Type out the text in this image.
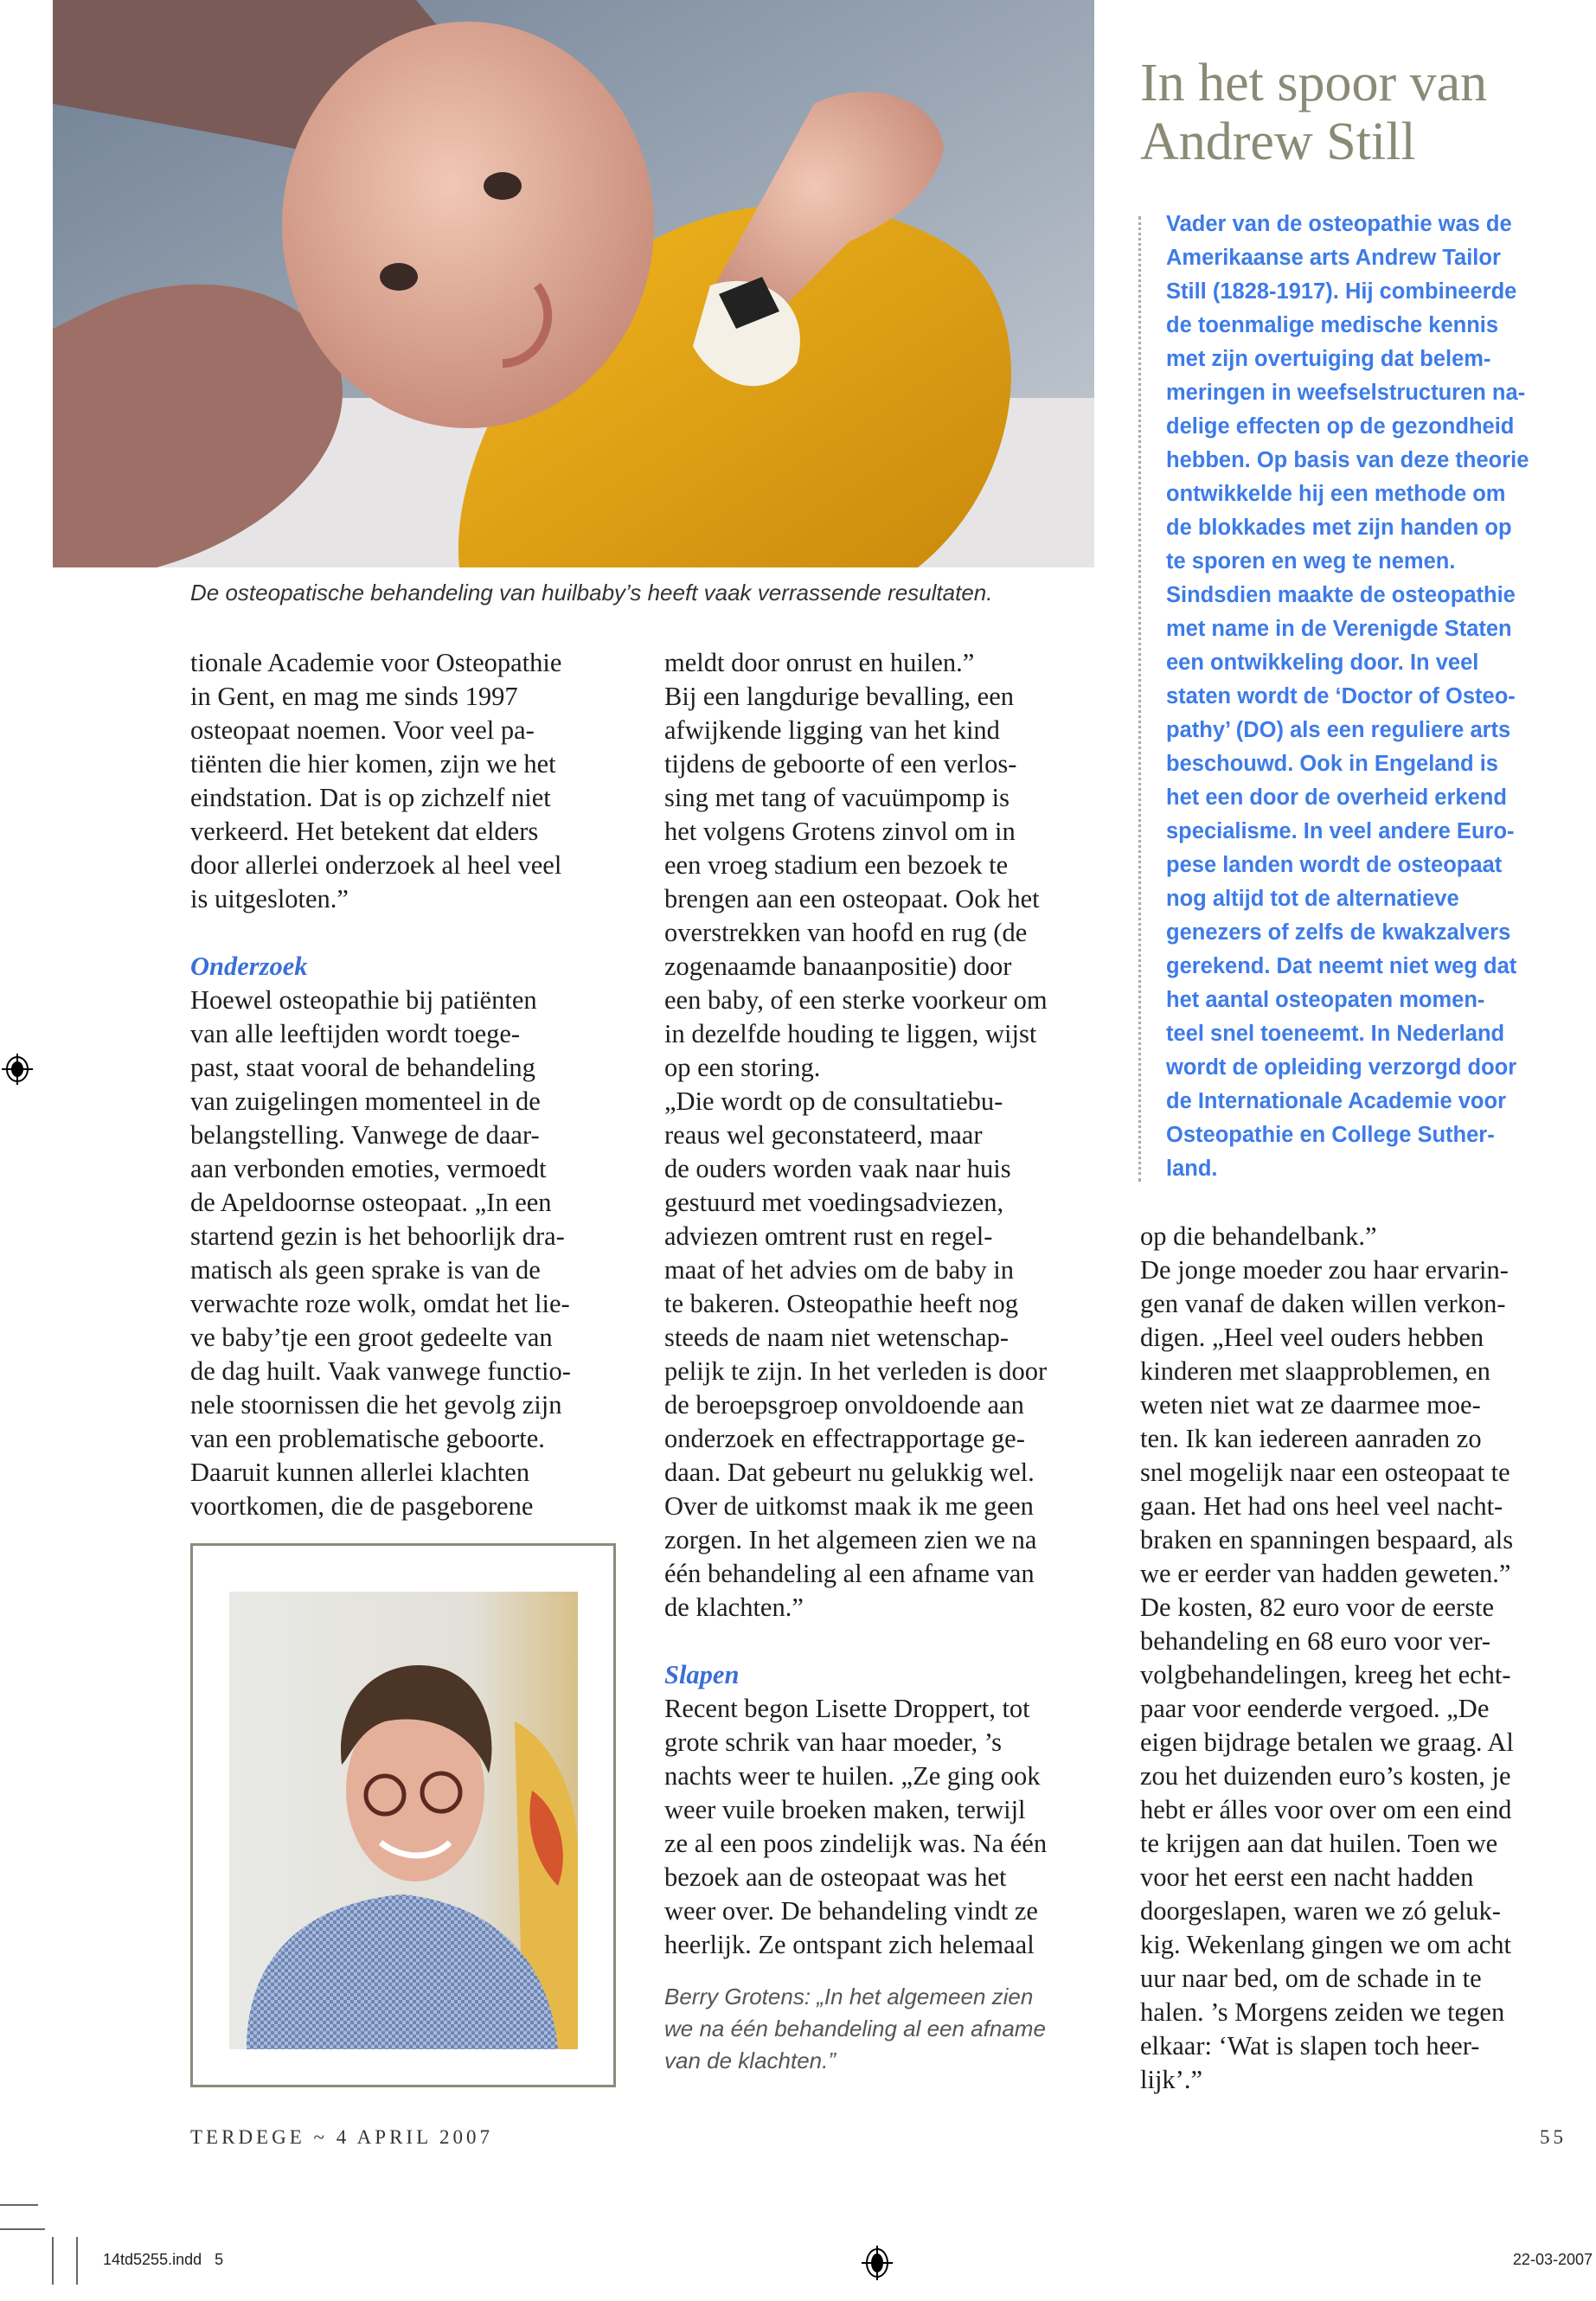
De osteopatische behandeling van huilbaby’s heeft vaak verrassende resultaten.
tionale Academie voor Osteopathie
in Gent, en mag me sinds 1997
osteopaat noemen. Voor veel pa-
tiënten die hier komen, zijn we het
eindstation. Dat is op zichzelf niet
verkeerd. Het betekent dat elders
door allerlei onderzoek al heel veel
is uitgesloten.”
Onderzoek
Hoewel osteopathie bij patiënten
van alle leeftijden wordt toege-
past, staat vooral de behandeling
van zuigelingen momenteel in de
belangstelling. Vanwege de daar-
aan verbonden emoties, vermoedt
de Apeldoornse osteopaat. „In een
startend gezin is het behoorlijk dra-
matisch als geen sprake is van de
verwachte roze wolk, omdat het lie-
ve baby’tje een groot gedeelte van
de dag huilt. Vaak vanwege functio-
nele stoornissen die het gevolg zijn
van een problematische geboorte.
Daaruit kunnen allerlei klachten
voortkomen, die de pasgeborene
meldt door onrust en huilen.”
Bij een langdurige bevalling, een
afwijkende ligging van het kind
tijdens de geboorte of een verlos-
sing met tang of vacuümpomp is
het volgens Grotens zinvol om in
een vroeg stadium een bezoek te
brengen aan een osteopaat. Ook het
overstrekken van hoofd en rug (de
zogenaamde banaanpositie) door
een baby, of een sterke voorkeur om
in dezelfde houding te liggen, wijst
op een storing.
„Die wordt op de consultatiebu-
reaus wel geconstateerd, maar
de ouders worden vaak naar huis
gestuurd met voedingsadviezen,
adviezen omtrent rust en regel-
maat of het advies om de baby in
te bakeren. Osteopathie heeft nog
steeds de naam niet wetenschap-
pelijk te zijn. In het verleden is door
de beroepsgroep onvoldoende aan
onderzoek en effectrapportage ge-
daan. Dat gebeurt nu gelukkig wel.
Over de uitkomst maak ik me geen
zorgen. In het algemeen zien we na
één behandeling al een afname van
de klachten.”
Slapen
Recent begon Lisette Droppert, tot
grote schrik van haar moeder, ’s
nachts weer te huilen. „Ze ging ook
weer vuile broeken maken, terwijl
ze al een poos zindelijk was. Na één
bezoek aan de osteopaat was het
weer over. De behandeling vindt ze
heerlijk. Ze ontspant zich helemaal
Berry Grotens: „In het algemeen zien
we na één behandeling al een afname
van de klachten.”
In het spoor van
Andrew Still
Vader van de osteopathie was de
Amerikaanse arts Andrew Tailor
Still (1828-1917). Hij combineerde
de toenmalige medische kennis
met zijn overtuiging dat belem-
meringen in weefselstructuren na-
delige effecten op de gezondheid
hebben. Op basis van deze theorie
ontwikkelde hij een methode om
de blokkades met zijn handen op
te sporen en weg te nemen.
Sindsdien maakte de osteopathie
met name in de Verenigde Staten
een ontwikkeling door. In veel
staten wordt de ‘Doctor of Osteo-
pathy’ (DO) als een reguliere arts
beschouwd. Ook in Engeland is
het een door de overheid erkend
specialisme. In veel andere Euro-
pese landen wordt de osteopaat
nog altijd tot de alternatieve
genezers of zelfs de kwakzalvers
gerekend. Dat neemt niet weg dat
het aantal osteopaten momen-
teel snel toeneemt. In Nederland
wordt de opleiding verzorgd door
de Internationale Academie voor
Osteopathie en College Suther-
land.
op die behandelbank.”
De jonge moeder zou haar ervarin-
gen vanaf de daken willen verkon-
digen. „Heel veel ouders hebben
kinderen met slaapproblemen, en
weten niet wat ze daarmee moe-
ten. Ik kan iedereen aanraden zo
snel mogelijk naar een osteopaat te
gaan. Het had ons heel veel nacht-
braken en spanningen bespaard, als
we er eerder van hadden geweten.”
De kosten, 82 euro voor de eerste
behandeling en 68 euro voor ver-
volgbehandelingen, kreeg het echt-
paar voor eenderde vergoed. „De
eigen bijdrage betalen we graag. Al
zou het duizenden euro’s kosten, je
hebt er álles voor over om een eind
te krijgen aan dat huilen. Toen we
voor het eerst een nacht hadden
doorgeslapen, waren we zó geluk-
kig. Wekenlang gingen we om acht
uur naar bed, om de schade in te
halen. ’s Morgens zeiden we tegen
elkaar: ‘Wat is slapen toch heer-
lijk’.”
TERDEGE ~ 4 APRIL 2007	55
14td5255.indd   5	22-03-2007
